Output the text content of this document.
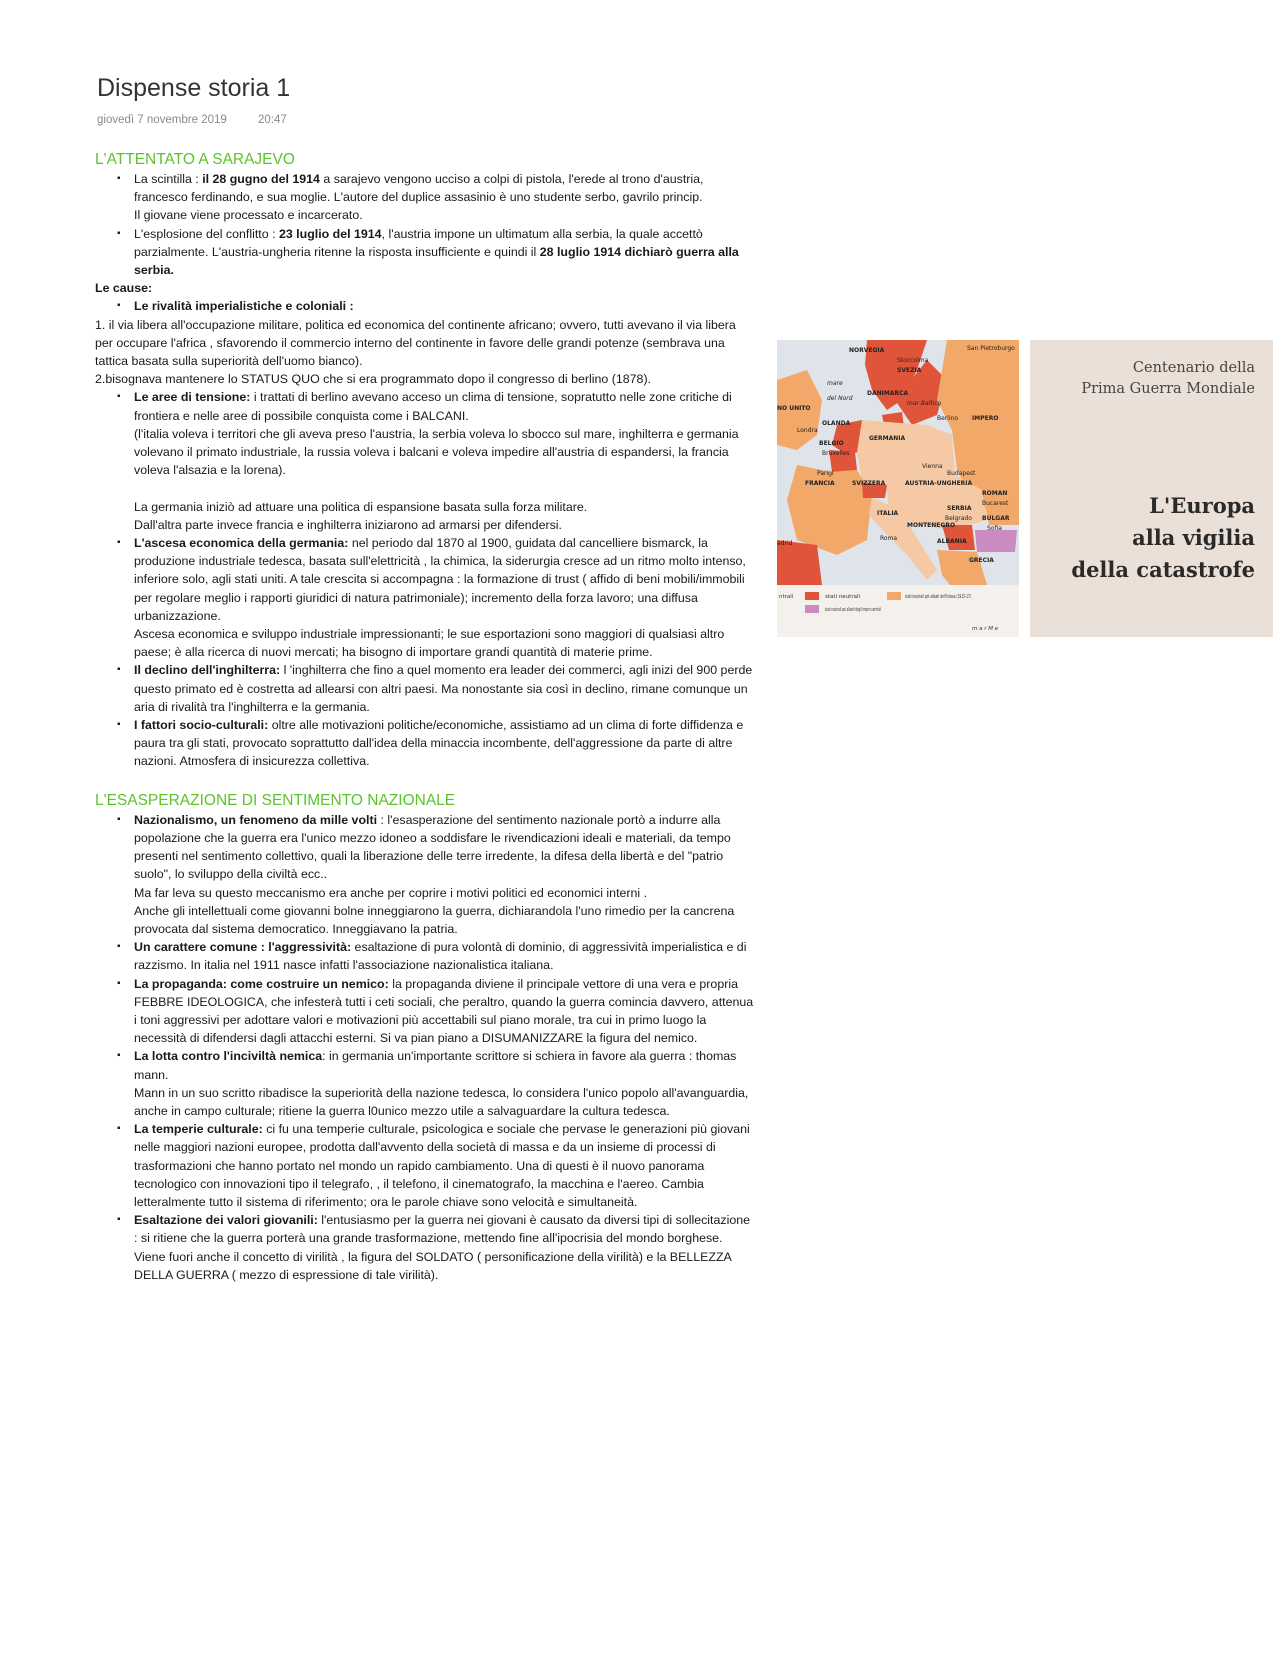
Dispense storia 1
giovedì 7 novembre 2019	20:47
L'ATTENTATO A SARAJEVO
▪ La scintilla : il 28 gugno del 1914 a sarajevo vengono ucciso a colpi di pistola, l'erede al trono d'austria, francesco ferdinando, e sua moglie. L'autore del duplice assasinio è uno studente serbo, gavrilo princip.
Il giovane viene processato e incarcerato.
▪ L'esplosione del conflitto : 23 luglio del 1914, l'austria impone un ultimatum alla serbia, la quale accettò parzialmente. L'austria-ungheria ritenne la risposta insufficiente e quindi il 28 luglio 1914 dichiarò guerra alla serbia.

Le cause:

▪ Le rivalità imperialistiche e coloniali :

1. il via libera all'occupazione militare, politica ed economica del continente africano; ovvero, tutti avevano il via libera per occupare l'africa , sfavorendo il commercio interno del continente in favore delle grandi potenze (sembrava una tattica basata sulla superiorità dell'uomo bianco).

2.bisognava mantenere lo STATUS QUO che si era programmato dopo il congresso di berlino (1878).

▪ Le aree di tensione: i trattati di berlino avevano acceso un clima di tensione, sopratutto nelle zone critiche di frontiera e nelle aree di possibile conquista come i BALCANI.
(l'italia voleva i territori che gli aveva preso l'austria, la serbia voleva lo sbocco sul mare, inghilterra e germania volevano il primato industriale, la russia voleva i balcani e voleva impedire all'austria di espandersi, la francia voleva l'alsazia e la lorena).
La germania iniziò ad attuare una politica di espansione basata sulla forza militare.
Dall'altra parte invece francia e inghilterra iniziarono ad armarsi per difendersi.
▪ L'ascesa economica della germania: nel periodo dal 1870 al 1900, guidata dal cancelliere bismarck, la produzione industriale tedesca, basata sull'elettricità , la chimica, la siderurgia cresce ad un ritmo molto intenso, inferiore solo, agli stati uniti. A tale crescita si accompagna : la formazione di trust ( affido di beni mobili/immobili per regolare meglio i rapporti giuridici di natura patrimoniale); incremento della forza lavoro; una diffusa urbanizzazione.
Ascesa economica e sviluppo industriale impressionanti; le sue esportazioni sono maggiori di qualsiasi altro paese; è alla ricerca di nuovi mercati; ha bisogno di importare grandi quantità di materie prime.
▪ Il declino dell'inghilterra: l 'inghilterra che fino a quel momento era leader dei commerci, agli inizi del 900 perde questo primato ed è costretta ad allearsi con altri paesi. Ma nonostante sia così in declino, rimane comunque un aria di rivalità tra l'inghilterra e la germania.
▪ I fattori socio-culturali: oltre alle motivazioni politiche/economiche, assistiamo ad un clima di forte diffidenza e paura tra gli stati, provocato soprattutto dall'idea della minaccia incombente, dell'aggressione da parte di altre nazioni. Atmosfera di insicurezza collettiva.
L'ESASPERAZIONE DI SENTIMENTO NAZIONALE
▪ Nazionalismo, un fenomeno da mille volti : l'esasperazione del sentimento nazionale portò a indurre alla popolazione che la guerra era l'unico mezzo idoneo a soddisfare le rivendicazioni ideali e materiali, da tempo presenti nel sentimento collettivo, quali la liberazione delle terre irredente, la difesa della libertà e del "patrio suolo", lo sviluppo della civiltà ecc..
Ma far leva su questo meccanismo era anche per coprire i motivi politici ed economici interni .
Anche gli intellettuali come giovanni bolne inneggiarono la guerra, dichiarandola l'uno rimedio per la cancrena provocata dal sistema democratico. Inneggiavano la patria.
▪ Un carattere comune : l'aggressività: esaltazione di pura volontà di dominio, di aggressività imperialistica e di razzismo. In italia nel 1911 nasce infatti l'associazione nazionalistica italiana.
▪ La propaganda: come costruire un nemico: la propaganda diviene il principale vettore di una vera e propria FEBBRE IDEOLOGICA, che infesterà tutti i ceti sociali, che peraltro, quando la guerra comincia davvero, attenua i toni aggressivi per adottare valori e motivazioni più accettabili sul piano morale, tra cui in primo luogo la necessità di difendersi dagli attacchi esterni. Si va pian piano a DISUMANIZZARE la figura del nemico.
▪ La lotta contro l'inciviltà nemica: in germania un'importante scrittore si schiera in favore ala guerra : thomas mann.
Mann in un suo scritto ribadisce la superiorità della nazione tedesca, lo considera l'unico popolo all'avanguardia, anche in campo culturale; ritiene la guerra l0unico mezzo utile a salvaguardare la cultura tedesca.
▪ La temperie culturale: ci fu una temperie culturale, psicologica e sociale che pervase le generazioni più giovani nelle maggiori nazioni europee, prodotta dall'avvento della società di massa e da un insieme di processi di trasformazioni che hanno portato nel mondo un rapido cambiamento. Una di questi è il nuovo panorama tecnologico con innovazioni tipo il telegrafo, , il telefono, il cinematografo, la macchina e l'aereo. Cambia letteralmente tutto il sistema di riferimento; ora le parole chiave sono velocità e simultaneità.
▪ Esaltazione dei valori giovanili: l'entusiasmo per la guerra nei giovani è causato da diversi tipi di sollecitazione : si ritiene che la guerra porterà una grande trasformazione, mettendo fine all'ipocrisia del mondo borghese. Viene fuori anche il concetto di virilità , la figura del SOLDATO ( personificazione della virilità) e la BELLEZZA DELLA GUERRA ( mezzo di espressione di tale virilità).
stati neutrali
stati neutrali poi alleati degli imperi centrali
stati neutrali poi alleati dell'Intesa (1915-17)
ntrali
m a r M e
NORVEGIA
Stoccolma
SVEZIA
San Pietroburgo
mare
del Nord
DANIMARCA
mar Baltico
NO UNITO
OLANDA
Londra
GERMANIA
IMPERO
Berlino
BELGIO
Bruxelles
Parigi
FRANCIA	SVIZZERA
Vienna
Budapest
AUSTRIA-UNGHERIA
ROMAN
Bucarest
SERBIA
Belgrado BULGAR
Sofia
ITALIA
MONTENEGRO
ALBANIA
Roma
GRECIA
adrid
Centenario della
Prima Guerra Mondiale
L'Europa
alla vigilia
della catastrofe
